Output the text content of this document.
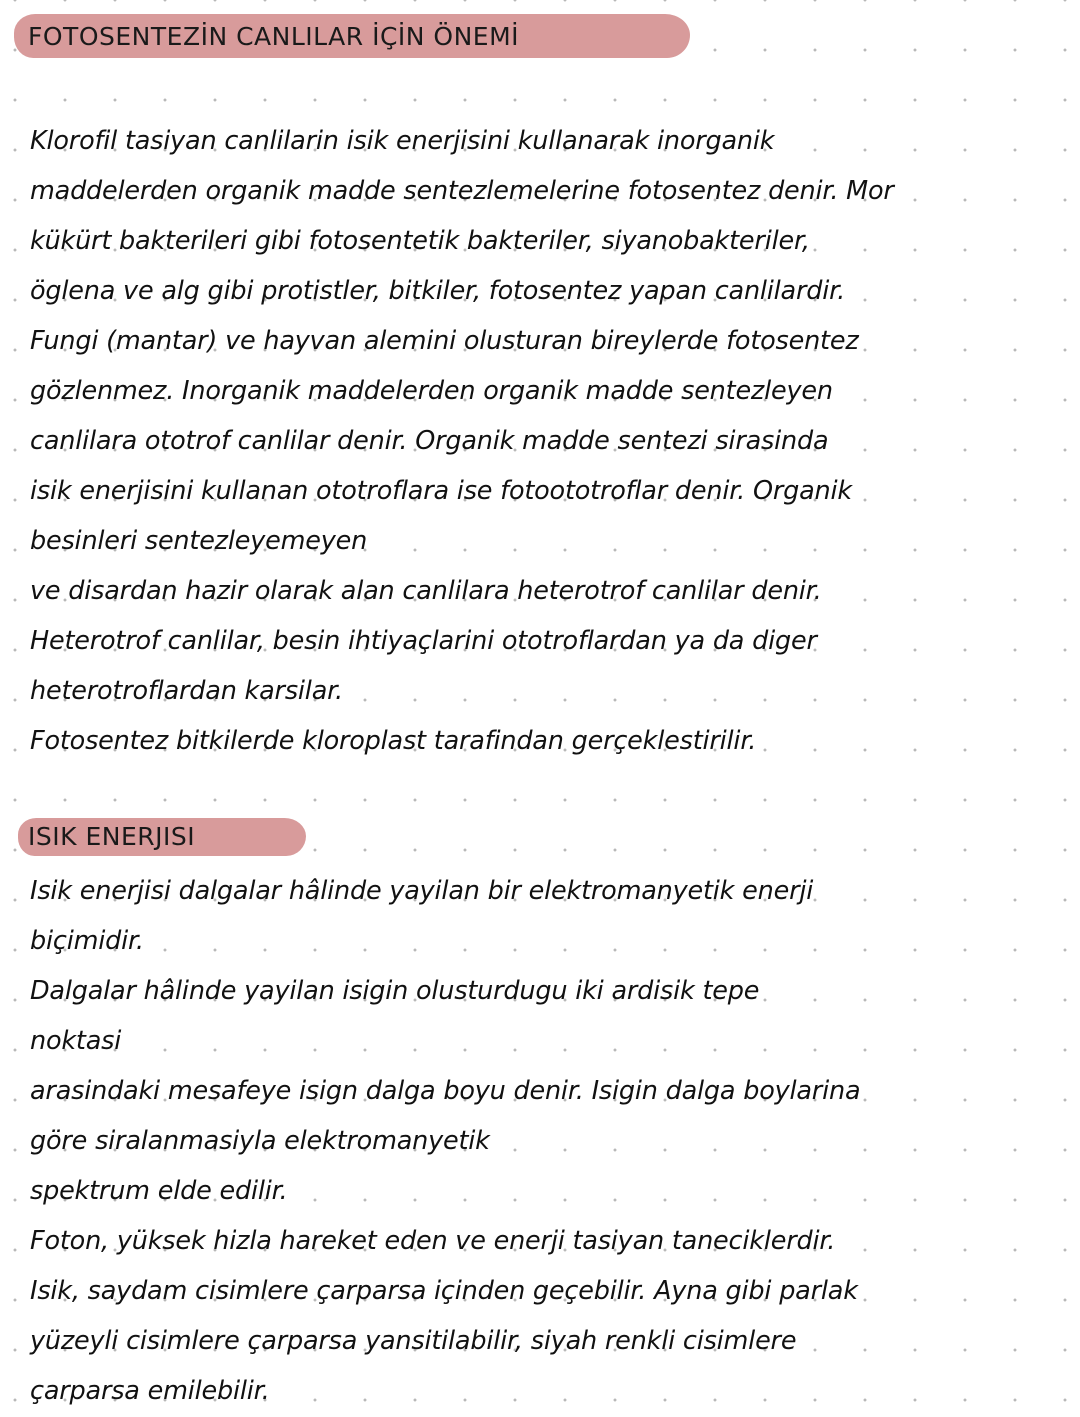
FOTOSENTEZİN CANLILAR İÇİN ÖNEMİ
Klorofil tasiyan canlilarin isik enerjisini kullanarak inorganik
maddelerden organik madde sentezlemelerine fotosentez denir. Mor
kükürt bakterileri gibi fotosentetik bakteriler, siyanobakteriler,
öglena ve alg gibi protistler, bitkiler, fotosentez yapan canlilardir.
Fungi (mantar) ve hayvan alemini olusturan bireylerde fotosentez
gözlenmez. Inorganik maddelerden organik madde sentezleyen
canlilara ototrof canlilar denir. Organik madde sentezi sirasinda
isik enerjisini kullanan ototroflara ise fotoototroflar denir. Organik
besinleri sentezleyemeyen
ve disardan hazir olarak alan canlilara heterotrof canlilar denir.
Heterotrof canlilar, besin ihtiyaçlarini ototroflardan ya da diger
heterotroflardan karsilar.
Fotosentez bitkilerde kloroplast tarafindan gerçeklestirilir.
ISIK ENERJISI
Isik enerjisi dalgalar hâlinde yayilan bir elektromanyetik enerji
biçimidir.
Dalgalar hâlinde yayilan isigin olusturdugu iki ardisik tepe
noktasi
arasindaki mesafeye isign dalga boyu denir. Isigin dalga boylarina
göre siralanmasiyla elektromanyetik
spektrum elde edilir.
Foton, yüksek hizla hareket eden ve enerji tasiyan taneciklerdir.
Isik, saydam cisimlere çarparsa içinden geçebilir. Ayna gibi parlak
yüzeyli cisimlere çarparsa yansitilabilir, siyah renkli cisimlere
çarparsa emilebilir.
